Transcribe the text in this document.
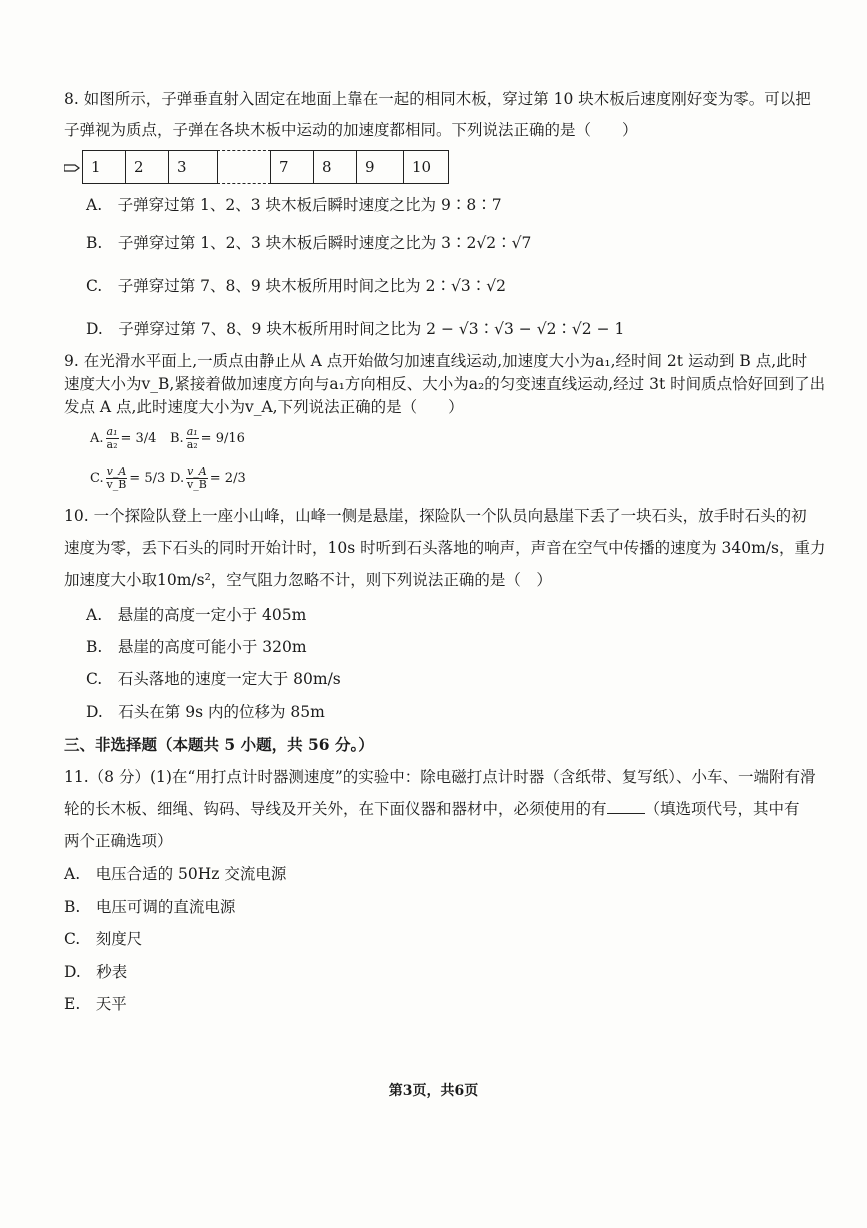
8. 如图所示，子弹垂直射入固定在地面上靠在一起的相同木板，穿过第 10 块木板后速度刚好变为零。可以把
子弹视为质点，子弹在各块木板中运动的加速度都相同。下列说法正确的是（　　）
1	2	3	7	8	9	10
A.　子弹穿过第 1、2、3 块木板后瞬时速度之比为 9∶8∶7
B.　子弹穿过第 1、2、3 块木板后瞬时速度之比为 3∶2√2∶√7
C.　子弹穿过第 7、8、9 块木板所用时间之比为 2∶√3∶√2
D.　子弹穿过第 7、8、9 块木板所用时间之比为 2 − √3∶√3 − √2∶√2 − 1
9. 在光滑水平面上,一质点由静止从 A 点开始做匀加速直线运动,加速度大小为a₁,经时间 2t 运动到 B 点,此时
速度大小为v_B,紧接着做加速度方向与a₁方向相反、大小为a₂的匀变速直线运动,经过 3t 时间质点恰好回到了出
发点 A 点,此时速度大小为v_A,下列说法正确的是（　　）
A. $\frac{\text{a₁}}{\text{a₂}} = 3/4$ B. $\frac{\text{a₁}}{\text{a₂}} = 9/16$
C. $\frac{v\_A}{v\_B} = 5/3$ D. $\frac{v\_A}{v\_B} = 2/3$
10. 一个探险队登上一座小山峰，山峰一侧是悬崖，探险队一个队员向悬崖下丢了一块石头，放手时石头的初
速度为零，丢下石头的同时开始计时，10s 时听到石头落地的响声，声音在空气中传播的速度为 340m/s，重力
加速度大小取10m/s²，空气阻力忽略不计，则下列说法正确的是（　）
A.　悬崖的高度一定小于 405m
B.　悬崖的高度可能小于 320m
C.　石头落地的速度一定大于 80m/s
D.　石头在第 9s 内的位移为 85m
三、非选择题（本题共 5 小题，共 56 分。）
11.（8 分）(1)在“用打点计时器测速度”的实验中：除电磁打点计时器（含纸带、复写纸）、小车、一端附有滑
轮的长木板、细绳、钩码、导线及开关外，在下面仪器和器材中，必须使用的有 （填选项代号，其中有
两个正确选项）
A.　电压合适的 50Hz 交流电源
B.　电压可调的直流电源
C.　刻度尺
D.　秒表
E.　天平
第3页，共6页
